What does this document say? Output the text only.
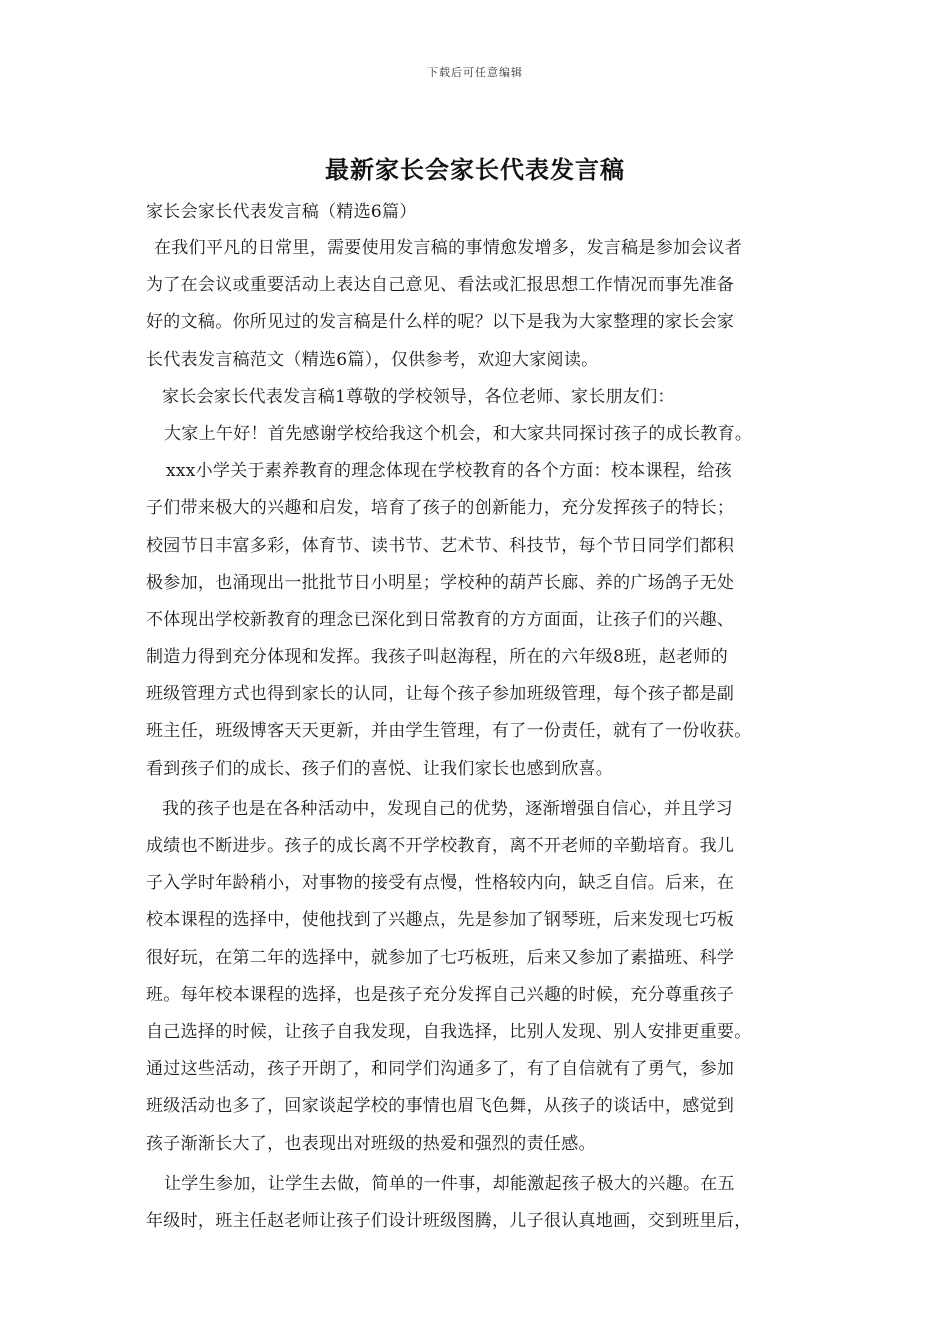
下载后可任意编辑
最新家长会家长代表发言稿
家长会家长代表发言稿（精选6篇）
在我们平凡的日常里，需要使用发言稿的事情愈发增多，发言稿是参加会议者
为了在会议或重要活动上表达自己意见、看法或汇报思想工作情况而事先准备
好的文稿。你所见过的发言稿是什么样的呢？以下是我为大家整理的家长会家
长代表发言稿范文（精选6篇），仅供参考，欢迎大家阅读。
家长会家长代表发言稿1尊敬的学校领导，各位老师、家长朋友们：
大家上午好！首先感谢学校给我这个机会，和大家共同探讨孩子的成长教育。
xxx小学关于素养教育的理念体现在学校教育的各个方面：校本课程，给孩
子们带来极大的兴趣和启发，培育了孩子的创新能力，充分发挥孩子的特长；
校园节日丰富多彩，体育节、读书节、艺术节、科技节，每个节日同学们都积
极参加，也涌现出一批批节日小明星；学校种的葫芦长廊、养的广场鸽子无处
不体现出学校新教育的理念已深化到日常教育的方方面面，让孩子们的兴趣、
制造力得到充分体现和发挥。我孩子叫赵海程，所在的六年级8班，赵老师的
班级管理方式也得到家长的认同，让每个孩子参加班级管理，每个孩子都是副
班主任，班级博客天天更新，并由学生管理，有了一份责任，就有了一份收获。
看到孩子们的成长、孩子们的喜悦、让我们家长也感到欣喜。
我的孩子也是在各种活动中，发现自己的优势，逐渐增强自信心，并且学习
成绩也不断进步。孩子的成长离不开学校教育，离不开老师的辛勤培育。我儿
子入学时年龄稍小，对事物的接受有点慢，性格较内向，缺乏自信。后来，在
校本课程的选择中，使他找到了兴趣点，先是参加了钢琴班，后来发现七巧板
很好玩，在第二年的选择中，就参加了七巧板班，后来又参加了素描班、科学
班。每年校本课程的选择，也是孩子充分发挥自己兴趣的时候，充分尊重孩子
自己选择的时候，让孩子自我发现，自我选择，比别人发现、别人安排更重要。
通过这些活动，孩子开朗了，和同学们沟通多了，有了自信就有了勇气，参加
班级活动也多了，回家谈起学校的事情也眉飞色舞，从孩子的谈话中，感觉到
孩子渐渐长大了，也表现出对班级的热爱和强烈的责任感。
让学生参加，让学生去做，简单的一件事，却能激起孩子极大的兴趣。在五
年级时，班主任赵老师让孩子们设计班级图腾，儿子很认真地画，交到班里后，
